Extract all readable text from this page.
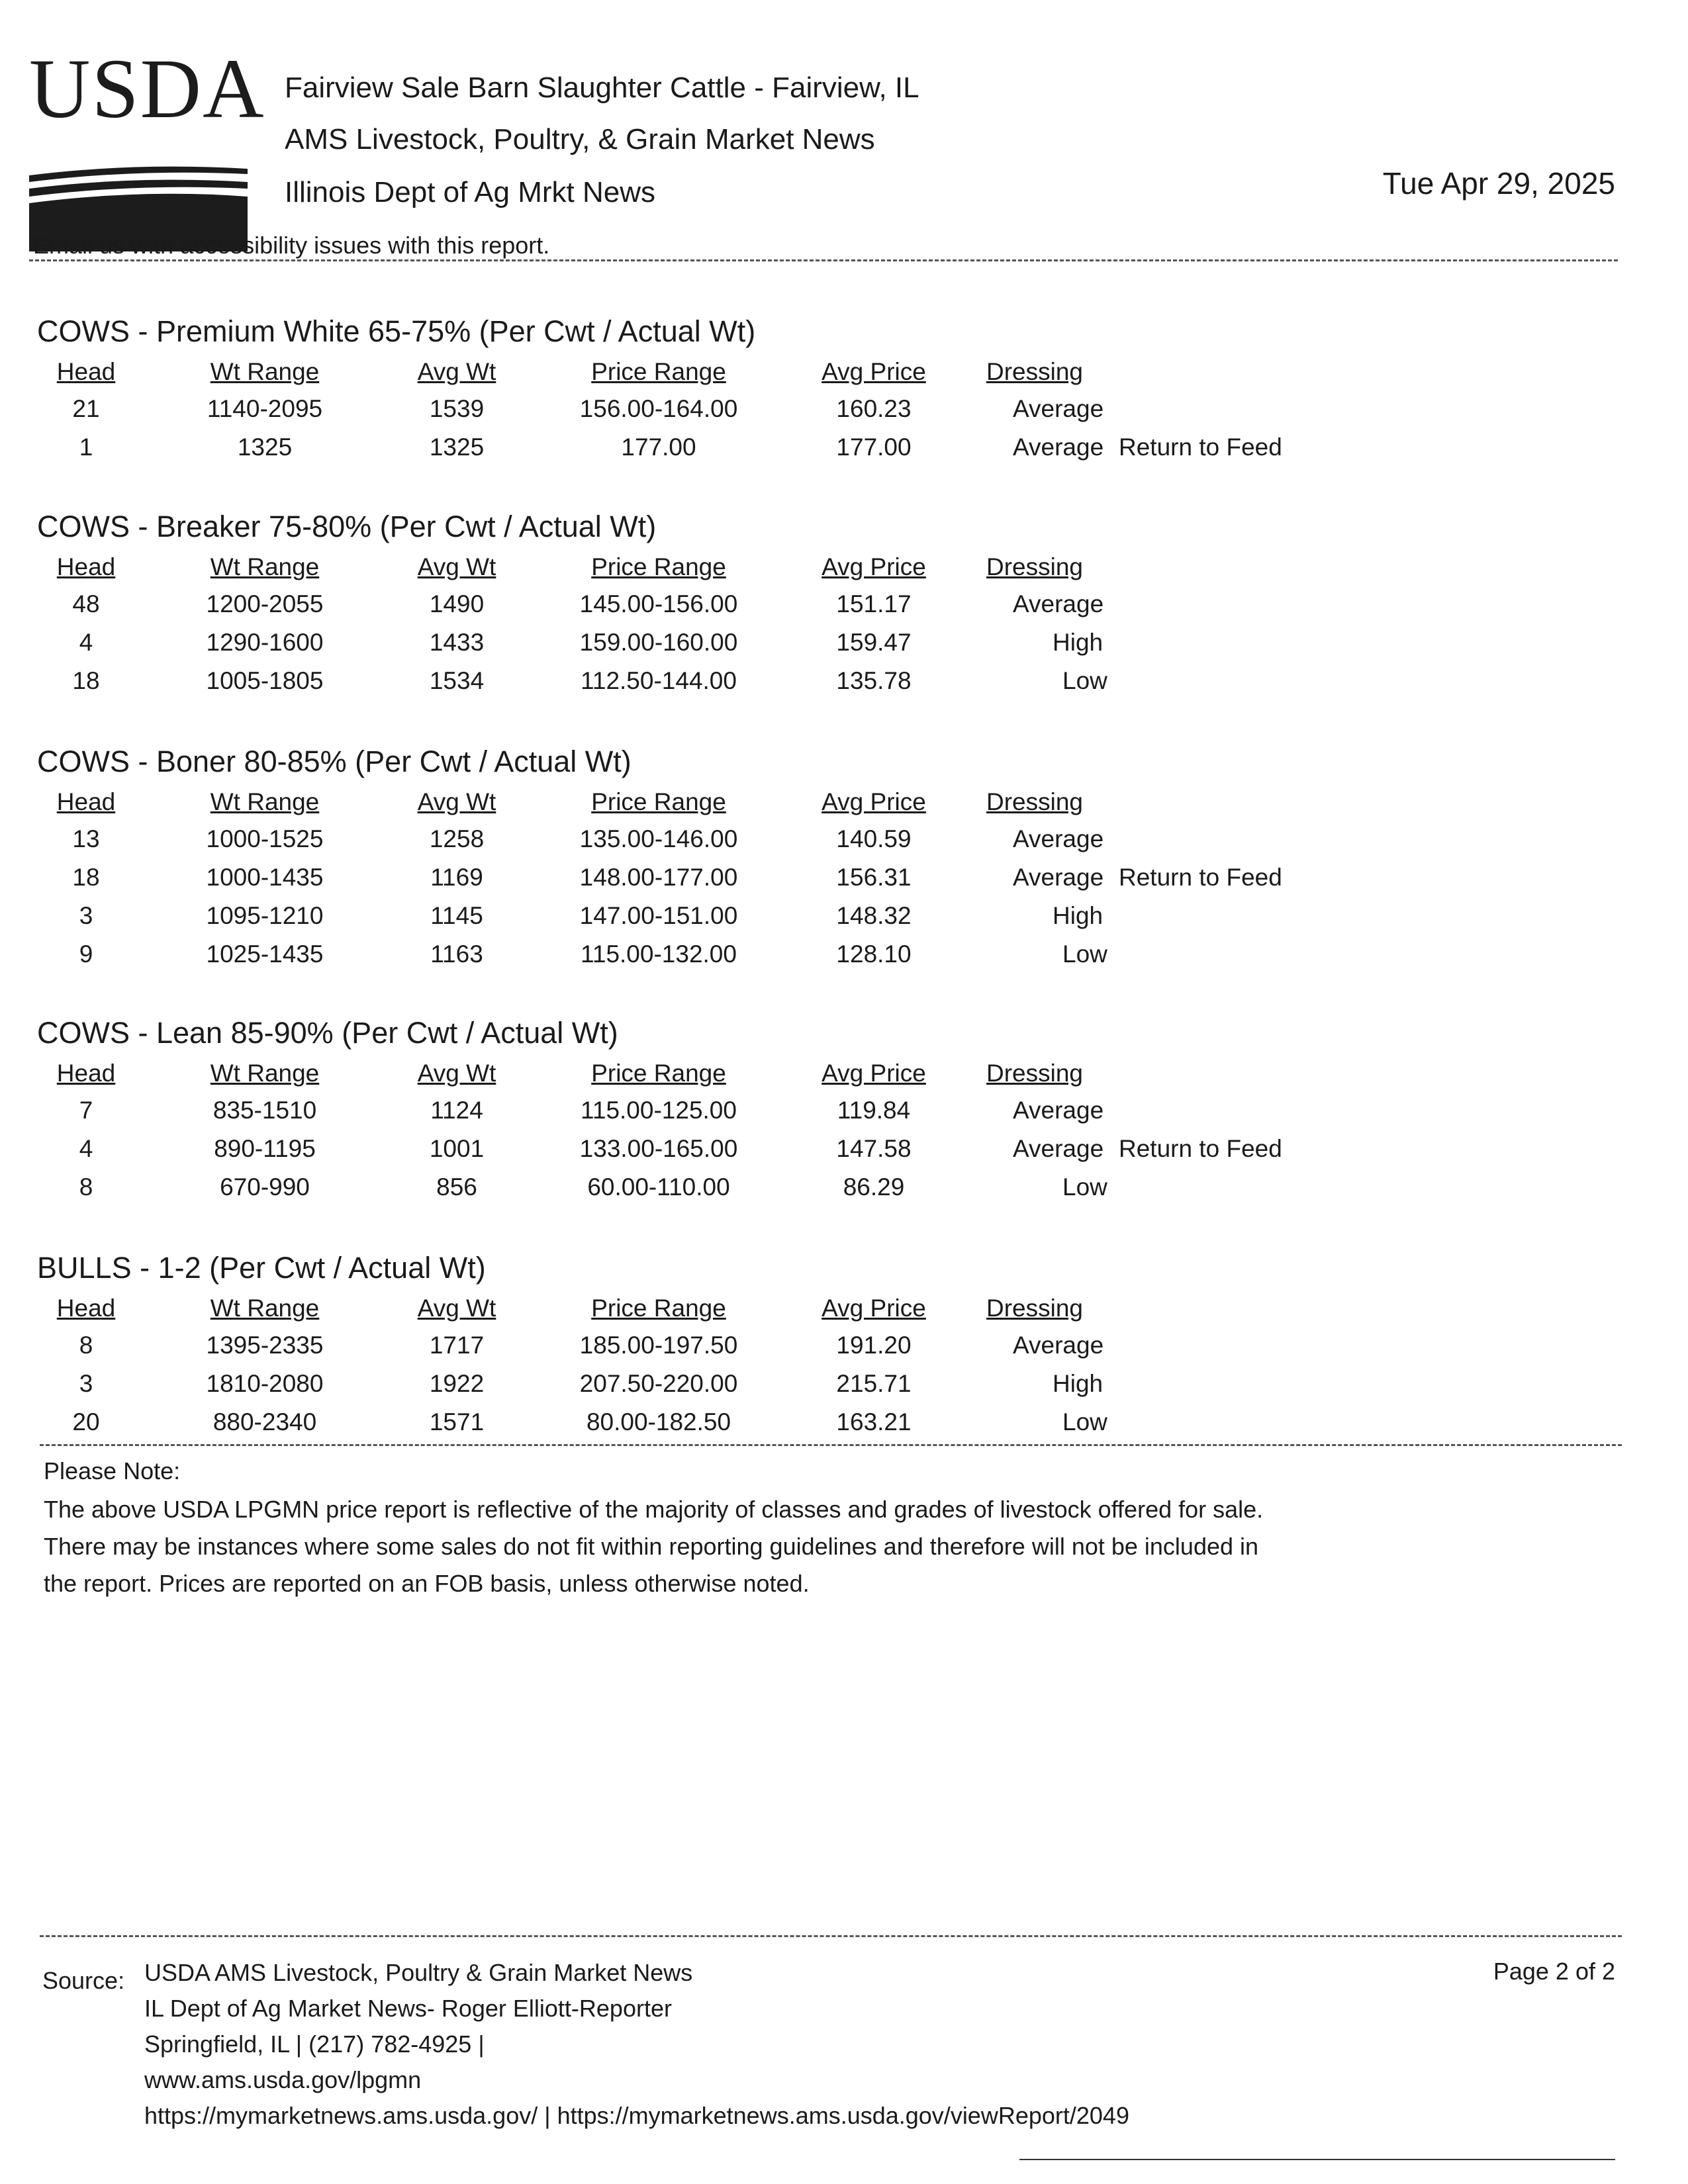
USDA Fairview Sale Barn Slaughter Cattle - Fairview, IL
AMS Livestock, Poultry, & Grain Market News
Illinois Dept of Ag Mrkt News	Tue Apr 29, 2025
Email us with accessibility issues with this report.
COWS - Premium White 65-75% (Per Cwt / Actual Wt)
Head	Wt Range	Avg Wt	Price Range	Avg Price Dressing
21	1140-2095	1539	156.00-164.00	160.23	Average
1	1325	1325	177.00	177.00	Average Return to Feed
COWS - Breaker 75-80% (Per Cwt / Actual Wt)
Head	Wt Range	Avg Wt	Price Range	Avg Price Dressing
48	1200-2055	1490	145.00-156.00	151.17	Average
4	1290-1600	1433	159.00-160.00	159.47	High
18	1005-1805	1534	112.50-144.00	135.78	Low
COWS - Boner 80-85% (Per Cwt / Actual Wt)
Head	Wt Range	Avg Wt	Price Range	Avg Price Dressing
13	1000-1525	1258	135.00-146.00	140.59	Average
18	1000-1435	1169	148.00-177.00	156.31	Average Return to Feed
3	1095-1210	1145	147.00-151.00	148.32	High
9	1025-1435	1163	115.00-132.00	128.10	Low
COWS - Lean 85-90% (Per Cwt / Actual Wt)
Head	Wt Range	Avg Wt	Price Range	Avg Price Dressing
7	835-1510	1124	115.00-125.00	119.84	Average
4	890-1195	1001	133.00-165.00	147.58	Average Return to Feed
8	670-990	856	60.00-110.00	86.29	Low
BULLS - 1-2 (Per Cwt / Actual Wt)
Head	Wt Range	Avg Wt	Price Range	Avg Price Dressing
8	1395-2335	1717	185.00-197.50	191.20	Average
3	1810-2080	1922	207.50-220.00	215.71	High
20	880-2340	1571	80.00-182.50	163.21	Low
Please Note:
The above USDA LPGMN price report is reflective of the majority of classes and grades of livestock offered for sale.
There may be instances where some sales do not fit within reporting guidelines and therefore will not be included in
the report. Prices are reported on an FOB basis, unless otherwise noted.
Source: USDA AMS Livestock, Poultry & Grain Market News
IL Dept of Ag Market News- Roger Elliott-Reporter
Springfield, IL | (217) 782-4925 |
www.ams.usda.gov/lpgmn
https://mymarketnews.ams.usda.gov/ | https://mymarketnews.ams.usda.gov/viewReport/2049
Page 2 of 2
